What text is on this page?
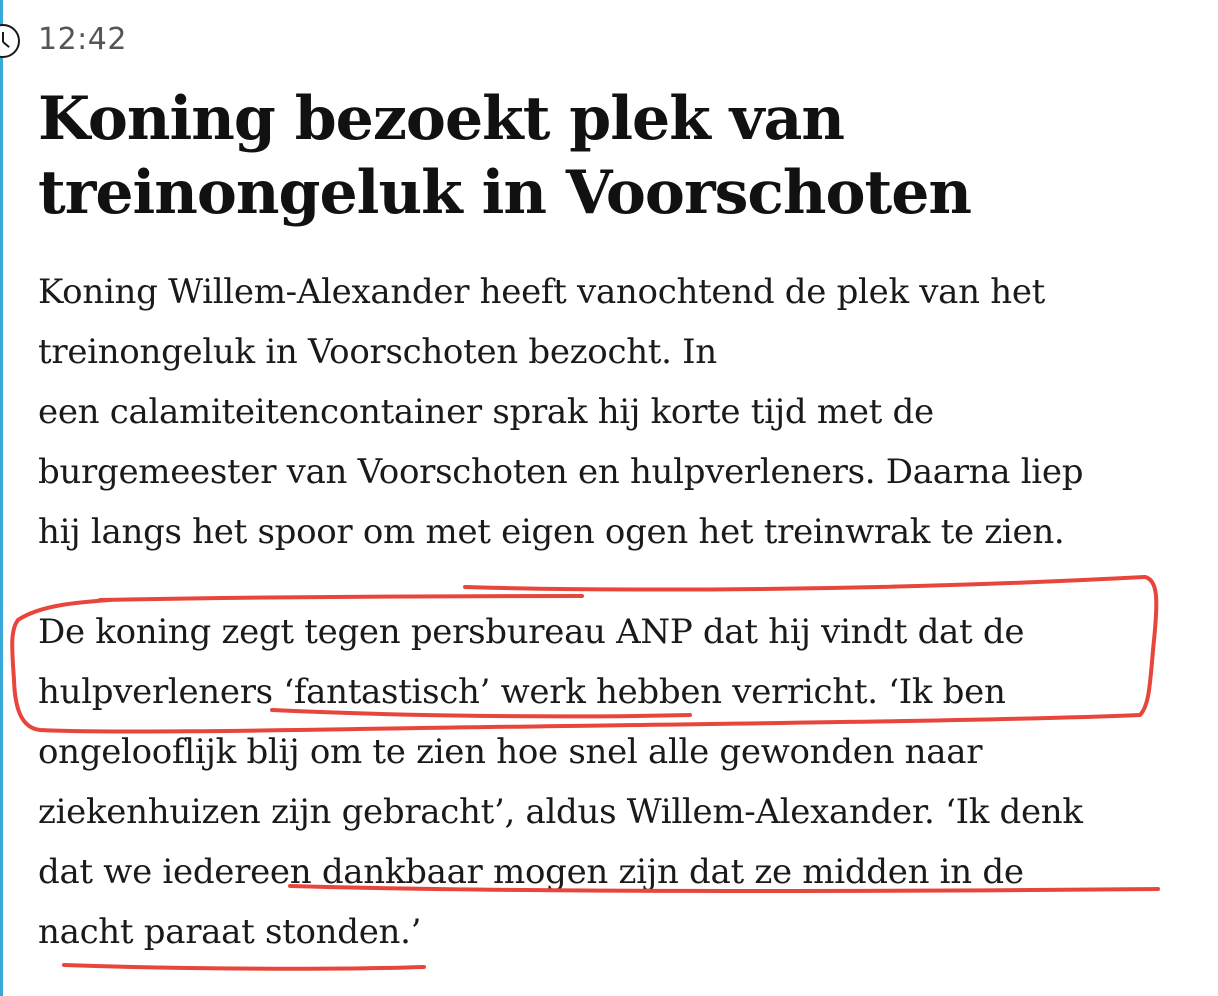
12:42
Koning bezoekt plek van
treinongeluk in Voorschoten
Koning Willem-Alexander heeft vanochtend de plek van het
treinongeluk in Voorschoten bezocht. In
een calamiteitencontainer sprak hij korte tijd met de
burgemeester van Voorschoten en hulpverleners. Daarna liep
hij langs het spoor om met eigen ogen het treinwrak te zien.
De koning zegt tegen persbureau ANP dat hij vindt dat de
hulpverleners ‘fantastisch’ werk hebben verricht. ‘Ik ben
ongelooflijk blij om te zien hoe snel alle gewonden naar
ziekenhuizen zijn gebracht’, aldus Willem-Alexander. ‘Ik denk
dat we iedereen dankbaar mogen zijn dat ze midden in de
nacht paraat stonden.’
